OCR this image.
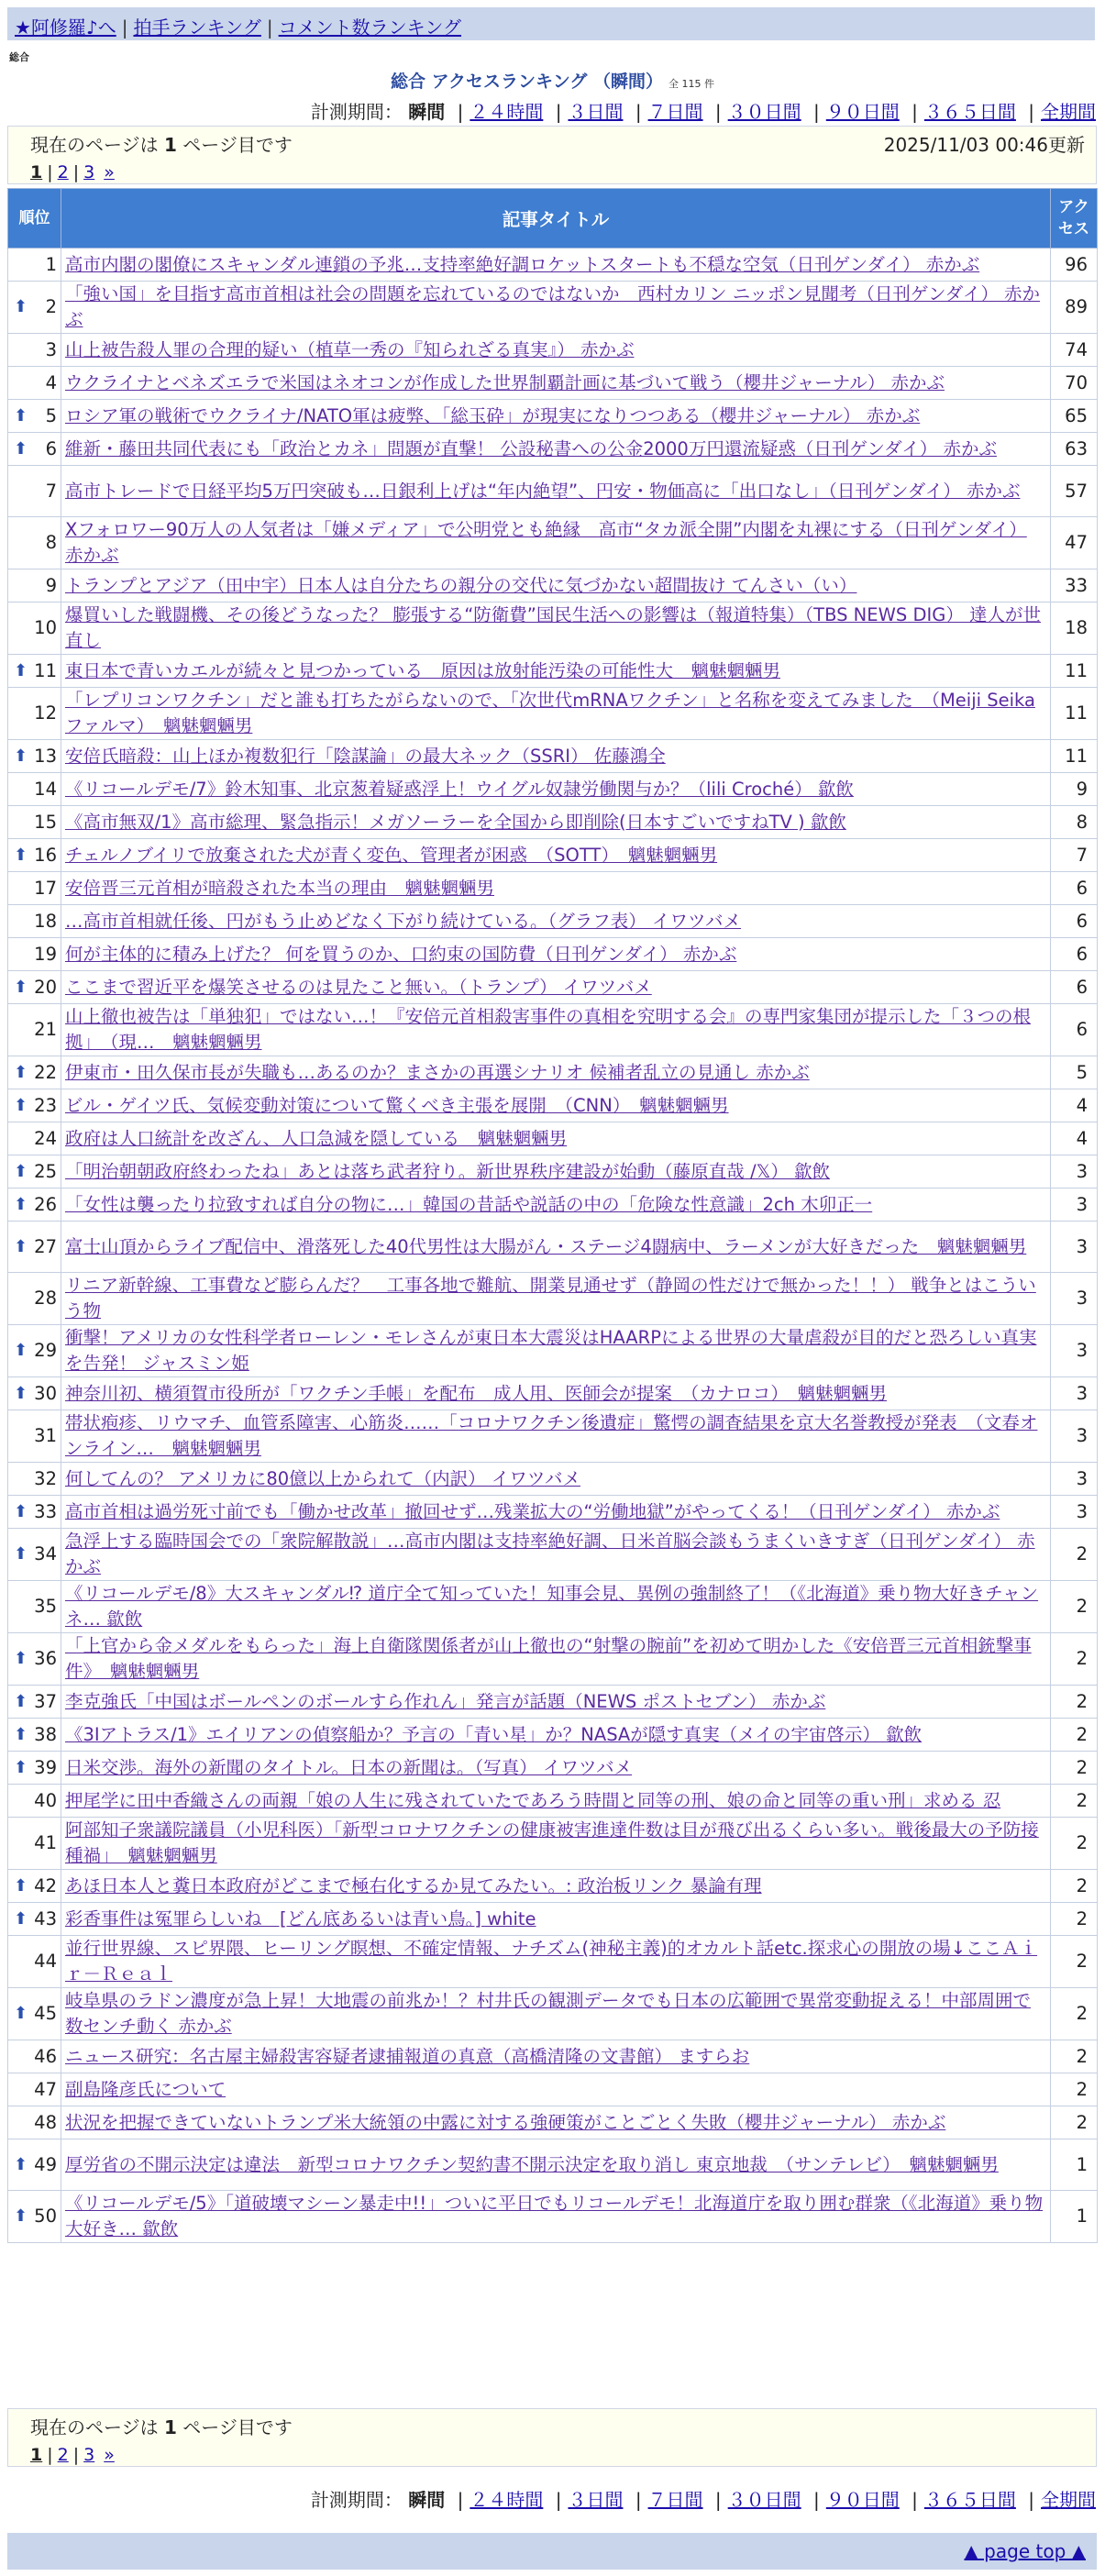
★阿修羅♪へ | 拍手ランキング | コメント数ランキング
総合
総合 アクセスランキング （瞬間） 全 115 件
計測期間： 瞬間 | ２４時間 | ３日間 | ７日間 | ３０日間 | ９０日間 | ３６５日間 | 全期間
現在のページは 1 ページ目です	2025/11/03 00:46更新
1 | 2 | 3 »
順位	記事タイトル	アクセス
1	高市内閣の閣僚にスキャンダル連鎖の予兆…支持率絶好調ロケットスタートも不穏な空気（日刊ゲンダイ） 赤かぶ	96

⬆ 2	「強い国」を目指す高市首相は社会の問題を忘れているのではないか　西村カリン ニッポン見聞考（日刊ゲンダイ） 赤かぶ	89
3	山上被告殺人罪の合理的疑い（植草一秀の『知られざる真実』） 赤かぶ	74
4	ウクライナとベネズエラで米国はネオコンが作成した世界制覇計画に基づいて戦う（櫻井ジャーナル） 赤かぶ	70

⬆ 5	ロシア軍の戦術でウクライナ/NATO軍は疲弊、「総玉砕」が現実になりつつある（櫻井ジャーナル） 赤かぶ	65

⬆ 6	維新・藤田共同代表にも「政治とカネ」問題が直撃！ 公設秘書への公金2000万円還流疑惑（日刊ゲンダイ） 赤かぶ	63
7	高市トレードで日経平均5万円突破も…日銀利上げは“年内絶望”、円安・物価高に「出口なし」（日刊ゲンダイ） 赤かぶ	57
8	Xフォロワー90万人の人気者は「嫌メディア」で公明党とも絶縁　高市“タカ派全開”内閣を丸裸にする（日刊ゲンダイ） 赤かぶ	47
9	トランプとアジア（田中宇）日本人は自分たちの親分の交代に気づかない超間抜け てんさい（い）	33
10	爆買いした戦闘機、その後どうなった？ 膨張する“防衛費”国民生活への影響は（報道特集）（TBS NEWS DIG） 達人が世直し	18

⬆ 11	東日本で青いカエルが続々と見つかっている　原因は放射能汚染の可能性大　魑魅魍魎男	11
12	「レプリコンワクチン」だと誰も打ちたがらないので、「次世代mRNAワクチン」と名称を変えてみました　（Meiji Seikaファルマ）　魑魅魍魎男	11

⬆ 13	安倍氏暗殺：山上ほか複数犯行「陰謀論」の最大ネック（SSRI） 佐藤鴻全	11
14	《リコールデモ/7》鈴木知事、北京葱着疑惑浮上！ウイグル奴隷労働関与か？（lili Croché） 歙飲	9
15	《高市無双/1》高市総理、緊急指示！メガソーラーを全国から即削除(日本すごいですねTV ) 歙飲	8

⬆ 16	チェルノブイリで放棄された犬が青く変色、管理者が困惑　（SOTT）　魑魅魍魎男	7
17	安倍晋三元首相が暗殺された本当の理由　魑魅魍魎男	6
18	…高市首相就任後、円がもう止めどなく下がり続けている。（グラフ表） イワツバメ	6
19	何が主体的に積み上げた？ 何を買うのか、口約束の国防費（日刊ゲンダイ） 赤かぶ	6

⬆ 20	ここまで習近平を爆笑させるのは見たこと無い。（トランプ） イワツバメ	6
21	山上徹也被告は「単独犯」ではない…！『安倍元首相殺害事件の真相を究明する会』の専門家集団が提示した「３つの根拠」　（現…　魑魅魍魎男	6

⬆ 22	伊東市・田久保市長が失職も…あるのか？まさかの再選シナリオ 候補者乱立の見通し 赤かぶ	5

⬆ 23	ビル・ゲイツ氏、気候変動対策について驚くべき主張を展開　（CNN）　魑魅魍魎男	4
24	政府は人口統計を改ざん、人口急減を隠している　魑魅魍魎男	4

⬆ 25	「明治朝朝政府終わったね」あとは落ち武者狩り。新世界秩序建設が始動（藤原直哉 /𝕏） 歙飲	3

⬆ 26	「女性は襲ったり拉致すれば自分の物に…」韓国の昔話や説話の中の「危険な性意識」2ch 木卯正一	3

⬆ 27	富士山頂からライブ配信中、滑落死した40代男性は大腸がん・ステージ4闘病中、ラーメンが大好きだった　魑魅魍魎男	3
28	リニア新幹線、工事費など膨らんだ？　工事各地で難航、開業見通せず（静岡の性だけで無かった！！） 戦争とはこういう物	3

⬆ 29	衝撃！アメリカの女性科学者ローレン・モレさんが東日本大震災はHAARPによる世界の大量虐殺が目的だと恐ろしい真実を告発！ ジャスミン姫	3

⬆ 30	神奈川初、横須賀市役所が「ワクチン手帳」を配布　成人用、医師会が提案　（カナロコ）　魑魅魍魎男	3
31	帯状疱疹、リウマチ、血管系障害、心筋炎……「コロナワクチン後遺症」驚愕の調査結果を京大名誉教授が発表　（文春オンライン…　魑魅魍魎男	3
32	何してんの？ アメリカに80億以上かられて（内訳） イワツバメ	3

⬆ 33	高市首相は過労死寸前でも「働かせ改革」撤回せず…残業拡大の“労働地獄”がやってくる！（日刊ゲンダイ） 赤かぶ	3

⬆ 34	急浮上する臨時国会での「衆院解散説」…高市内閣は支持率絶好調、日米首脳会談もうまくいきすぎ（日刊ゲンダイ） 赤かぶ	2
35	《リコールデモ/8》大スキャンダル⁉ 道庁全て知っていた！知事会見、異例の強制終了！（《北海道》乗り物大好きチャンネ… 歙飲	2

⬆ 36	「上官から金メダルをもらった」海上自衛隊関係者が山上徹也の“射撃の腕前”を初めて明かした《安倍晋三元首相銃撃事件》　魑魅魍魎男	2

⬆ 37	李克強氏「中国はボールペンのボールすら作れん」発言が話題（NEWS ポストセブン） 赤かぶ	2

⬆ 38	《3Iアトラス/1》エイリアンの偵察船か？予言の「青い星」か？NASAが隠す真実（メイの宇宙啓示） 歙飲	2

⬆ 39	日米交渉。海外の新聞のタイトル。日本の新聞は。（写真） イワツバメ	2
40	押尾学に田中香織さんの両親「娘の人生に残されていたであろう時間と同等の刑、娘の命と同等の重い刑」求める 忍	2
41	阿部知子衆議院議員（小児科医）「新型コロナワクチンの健康被害進達件数は目が飛び出るくらい多い。戦後最大の予防接種禍」　魑魅魍魎男	2

⬆ 42	あほ日本人と糞日本政府がどこまで極右化するか見てみたい。: 政治板リンク 暴論有理	2

⬆ 43	彩香事件は冤罪らしいね　[どん底あるいは青い鳥。] white	2
44	並行世界線、スピ界隈、ヒーリング瞑想、不確定情報、ナチズム(神秘主義)的オカルト話etc.探求心の開放の場↓ここＡｉｒ－Ｒｅａｌ	2

⬆ 45	岐阜県のラドン濃度が急上昇！大地震の前兆か！？村井氏の観測データでも日本の広範囲で異常変動捉える！中部周囲で数センチ動く 赤かぶ	2
46	ニュース研究：名古屋主婦殺害容疑者逮捕報道の真意（高橋清隆の文書館） ますらお	2
47	副島隆彦氏について	2
48	状況を把握できていないトランプ米大統領の中露に対する強硬策がことごとく失敗（櫻井ジャーナル） 赤かぶ	2

⬆ 49	厚労省の不開示決定は違法　新型コロナワクチン契約書不開示決定を取り消し 東京地裁　（サンテレビ）　魑魅魍魎男	1

⬆ 50	《リコールデモ/5》「道破壊マシーン暴走中!!」ついに平日でもリコールデモ！北海道庁を取り囲む群衆（《北海道》乗り物大好き… 歙飲	1
現在のページは 1 ページ目です
1 | 2 | 3 »
計測期間： 瞬間 | ２４時間 | ３日間 | ７日間 | ３０日間 | ９０日間 | ３６５日間 | 全期間
▲ page top ▲
